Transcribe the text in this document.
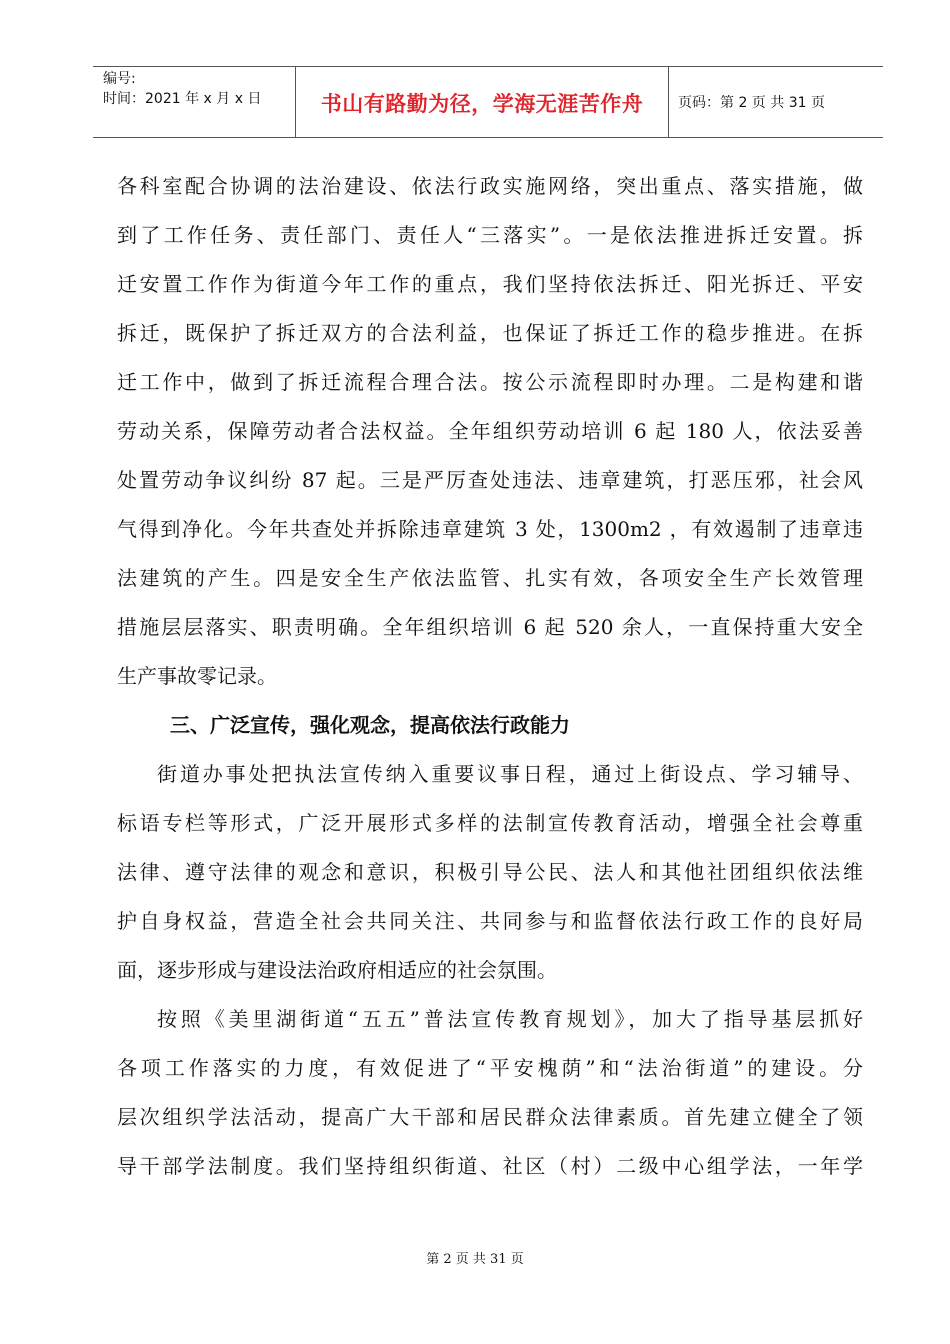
编号:
时间：2021 年 x 月 x 日	书山有路勤为径，学海无涯苦作舟	页码：第 2 页 共 31 页
各科室配合协调的法治建设、依法行政实施网络，突出重点、落实措施，做
到了工作任务、责任部门、责任人“三落实”。一是依法推进拆迁安置。拆
迁安置工作作为街道今年工作的重点，我们坚持依法拆迁、阳光拆迁、平安
拆迁，既保护了拆迁双方的合法利益，也保证了拆迁工作的稳步推进。在拆
迁工作中，做到了拆迁流程合理合法。按公示流程即时办理。二是构建和谐
劳动关系，保障劳动者合法权益。全年组织劳动培训 6 起 180 人，依法妥善
处置劳动争议纠纷 87 起。三是严厉查处违法、违章建筑，打恶压邪，社会风
气得到净化。今年共查处并拆除违章建筑 3 处，1300m2 ，有效遏制了违章违
法建筑的产生。四是安全生产依法监管、扎实有效，各项安全生产长效管理
措施层层落实、职责明确。全年组织培训 6 起 520 余人，一直保持重大安全
生产事故零记录。
三、广泛宣传，强化观念，提高依法行政能力
街道办事处把执法宣传纳入重要议事日程，通过上街设点、学习辅导、
标语专栏等形式，广泛开展形式多样的法制宣传教育活动，增强全社会尊重
法律、遵守法律的观念和意识，积极引导公民、法人和其他社团组织依法维
护自身权益，营造全社会共同关注、共同参与和监督依法行政工作的良好局
面，逐步形成与建设法治政府相适应的社会氛围。
按照《美里湖街道“五五”普法宣传教育规划》，加大了指导基层抓好
各项工作落实的力度，有效促进了“平安槐荫”和“法治街道”的建设。分
层次组织学法活动，提高广大干部和居民群众法律素质。首先建立健全了领
导干部学法制度。我们坚持组织街道、社区（村）二级中心组学法，一年学
第 2 页 共 31 页
